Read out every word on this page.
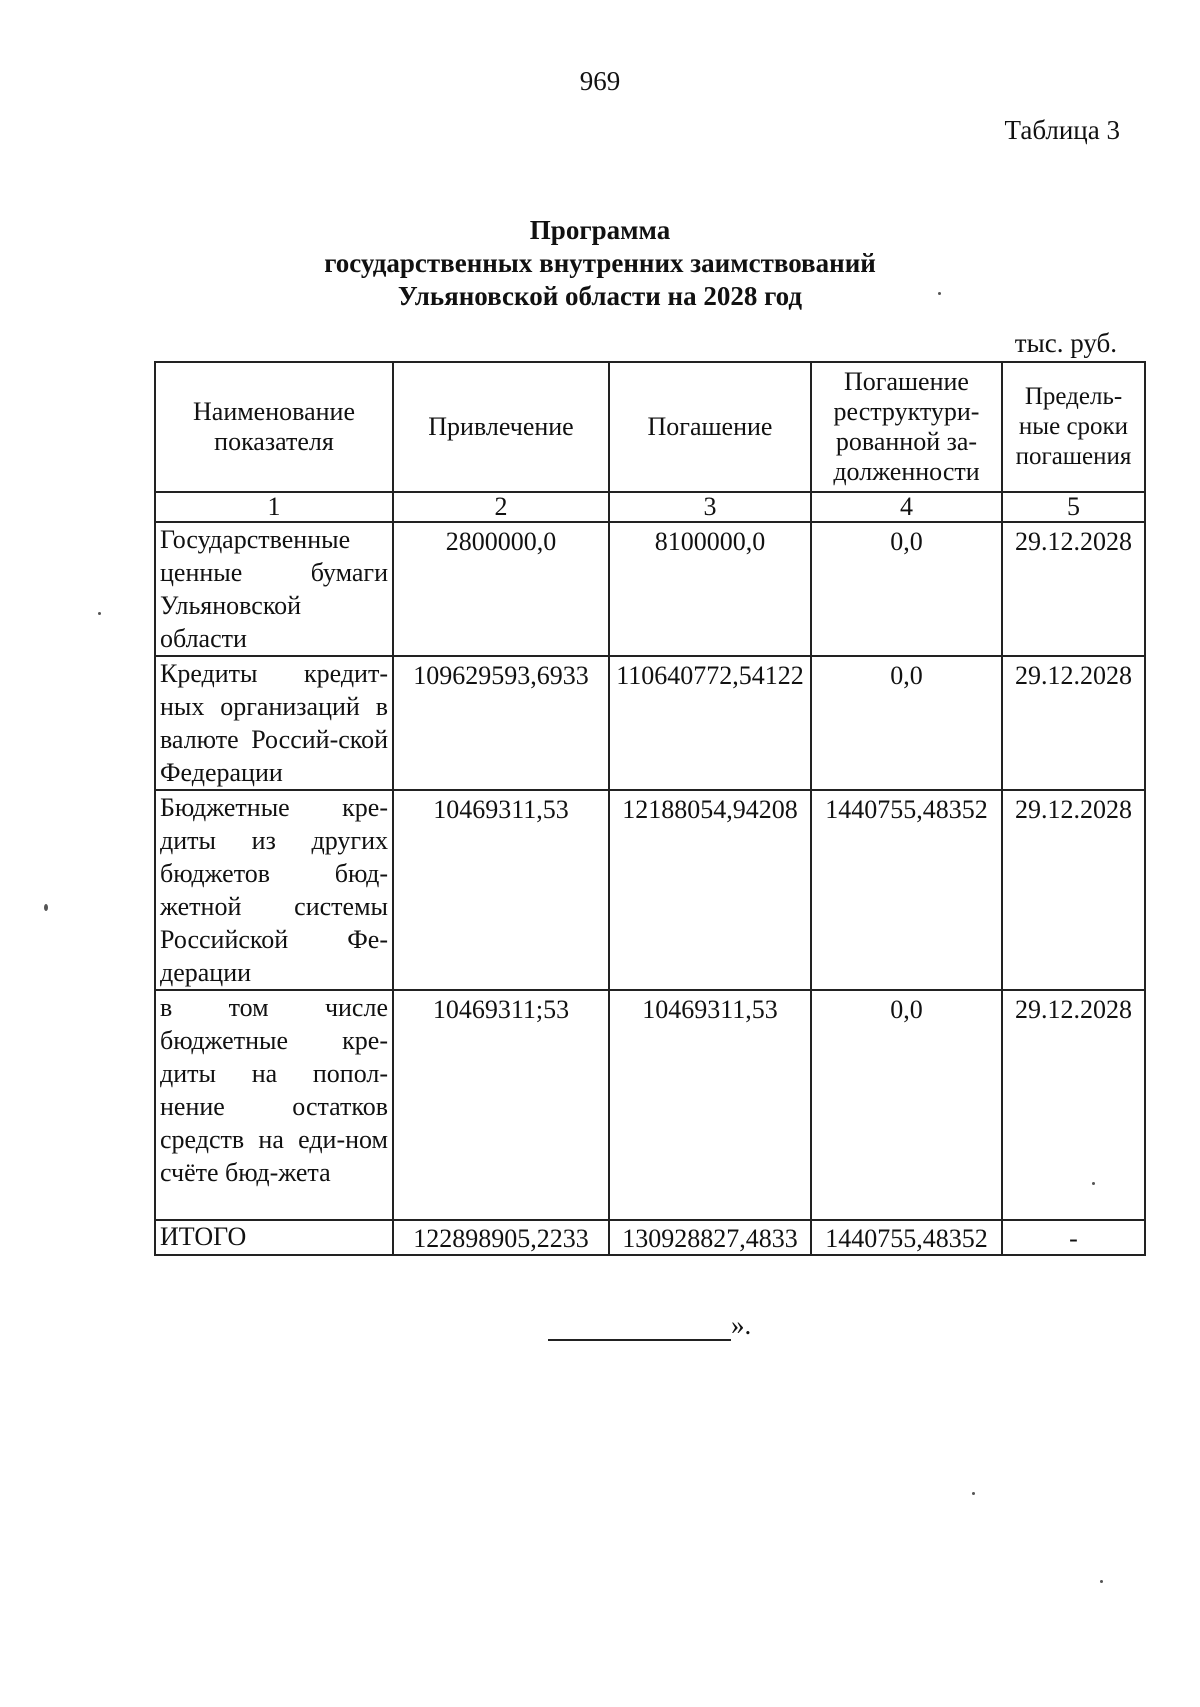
969
Таблица 3
Программа
государственных внутренних заимствований
Ульяновской области на 2028 год
тыс. руб.
Наименование показателя	Привлечение	Погашение	Погашение реструктури-рованной за-долженности	Предель-ные сроки погашения
1	2	3	4	5
Государственные ценные бумаги Ульяновской области	2800000,0	8100000,0	0,0	29.12.2028
Кредиты кредит-ных организаций в валюте Россий-ской Федерации	109629593,6933	110640772,54122	0,0	29.12.2028
Бюджетные кре-диты из других бюджетов бюд-жетной системы Российской Фе-дерации	10469311,53	12188054,94208	1440755,48352	29.12.2028
в том числе бюджетные кре-диты на попол-нение остатков средств на еди-ном счёте бюд-жета	10469311;53	10469311,53	0,0	29.12.2028
ИТОГО	122898905,2233	130928827,4833	1440755,48352	-
».
